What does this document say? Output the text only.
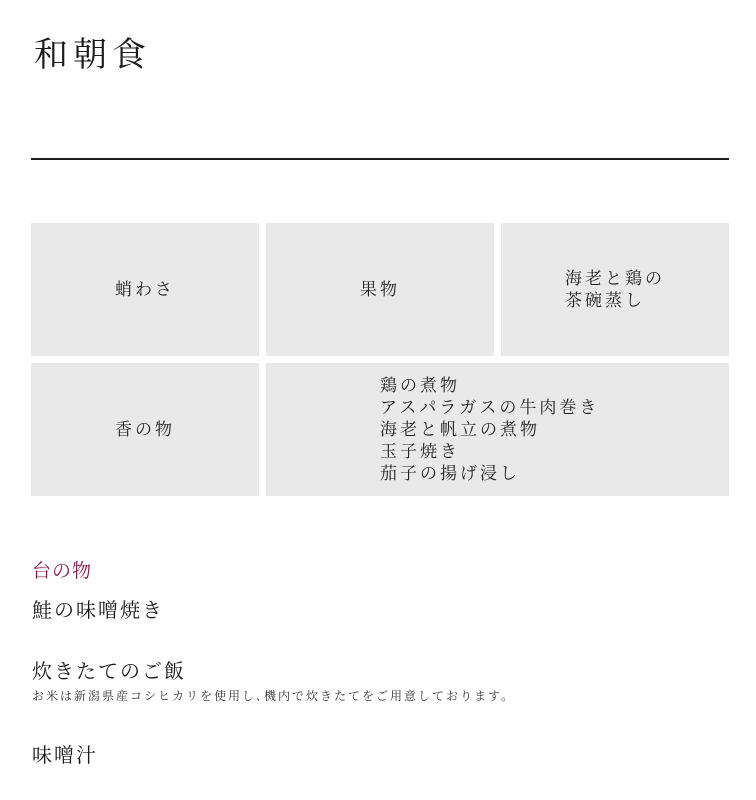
和朝食
蛸わさ	果物
海老と鶏の
茶碗蒸し
香の物
鶏の煮物
アスパラガスの牛肉巻き
海老と帆立の煮物
玉子焼き
茄子の揚げ浸し
台の物
鮭の味噌焼き
炊きたてのご飯
お米は新潟県産コシヒカリを使用し､機内で炊きたてをご用意しております。
味噌汁
